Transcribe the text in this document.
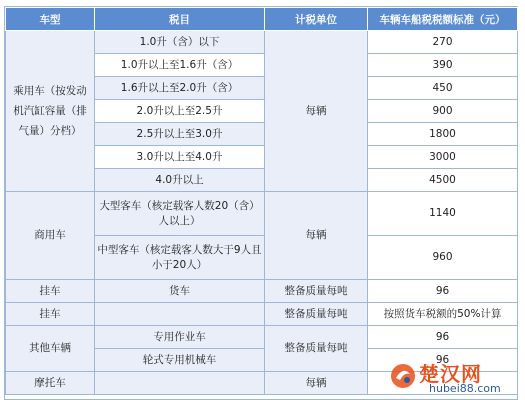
车型	税目	计税单位	车辆车船税税额标准（元）
乘用车（按发动机汽缸容量（排气量）分档）	1.0升（含）以下	每辆	270
	1.0升以上至1.6升（含）		390
	1.6升以上至2.0升（含）		450
	2.0升以上至2.5升		900
	2.5升以上至3.0升		1800
	3.0升以上至4.0升		3000
	4.0升以上		4500
商用车	大型客车（核定载客人数20（含）人以上）	每辆	1140
	中型客车（核定载客人数大于9人且小于20人）		960
挂车	货车	整备质量每吨	96
挂车		整备质量每吨	按照货车税额的50%计算
其他车辆	专用作业车	整备质量每吨	96
	轮式专用机械车		96
摩托车		每辆		楚汉网
hubei88.com
